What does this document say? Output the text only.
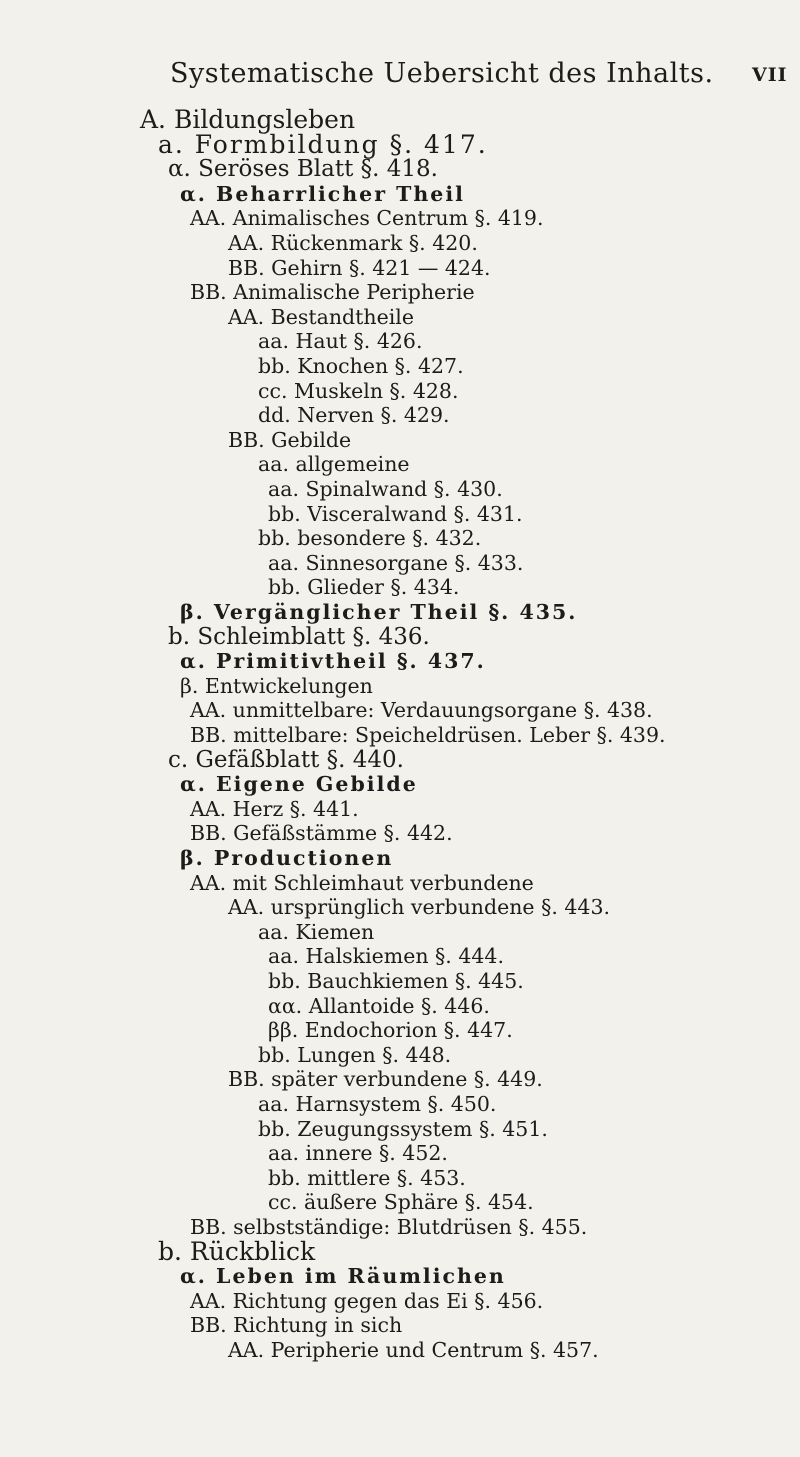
Systematische Uebersicht des Inhalts. VII
A. Bildungsleben
a. Formbildung §. 417.
α. Seröses Blatt §. 418.
α. Beharrlicher Theil
AA. Animalisches Centrum §. 419.
AA. Rückenmark §. 420.
BB. Gehirn §. 421 — 424.
BB. Animalische Peripherie
AA. Bestandtheile
aa. Haut §. 426.
bb. Knochen §. 427.
cc. Muskeln §. 428.
dd. Nerven §. 429.
BB. Gebilde
aa. allgemeine
aa. Spinalwand §. 430.
bb. Visceralwand §. 431.
bb. besondere §. 432.
aa. Sinnesorgane §. 433.
bb. Glieder §. 434.
β. Vergänglicher Theil §. 435.
b. Schleimblatt §. 436.
α. Primitivtheil §. 437.
β. Entwickelungen
AA. unmittelbare: Verdauungsorgane §. 438.
BB. mittelbare: Speicheldrüsen. Leber §. 439.
c. Gefäßblatt §. 440.
α. Eigene Gebilde
AA. Herz §. 441.
BB. Gefäßstämme §. 442.
β. Productionen
AA. mit Schleimhaut verbundene
AA. ursprünglich verbundene §. 443.
aa. Kiemen
aa. Halskiemen §. 444.
bb. Bauchkiemen §. 445.
αα. Allantoide §. 446.
ββ. Endochorion §. 447.
bb. Lungen §. 448.
BB. später verbundene §. 449.
aa. Harnsystem §. 450.
bb. Zeugungssystem §. 451.
aa. innere §. 452.
bb. mittlere §. 453.
cc. äußere Sphäre §. 454.
BB. selbstständige: Blutdrüsen §. 455.
b. Rückblick
α. Leben im Räumlichen
AA. Richtung gegen das Ei §. 456.
BB. Richtung in sich
AA. Peripherie und Centrum §. 457.
